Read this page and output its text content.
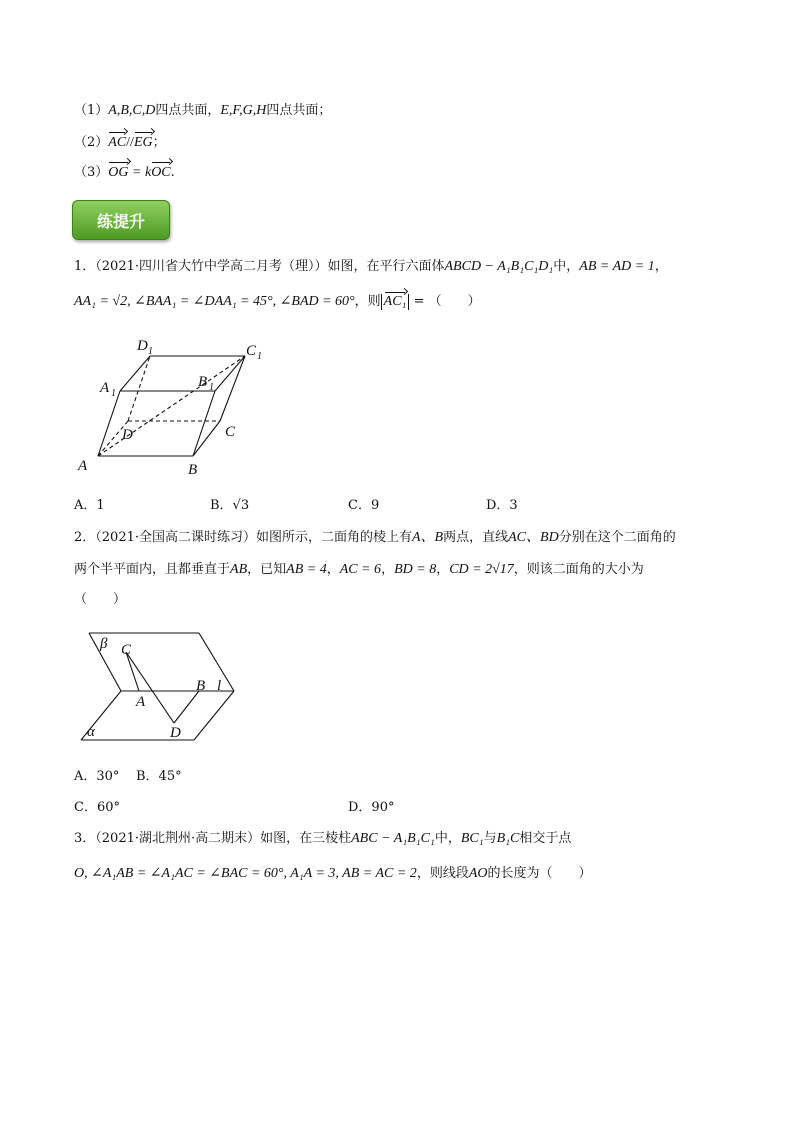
（1）A,B,C,D四点共面，E,F,G,H四点共面；
（2）AC//EG；
（3）OG = kOC.
练提升
1．（2021·四川省大竹中学高二月考（理））如图，在平行六面体ABCD − A₁B₁C₁D₁中，AB = AD = 1，
AA₁ = √2, ∠BAA₁ = ∠DAA₁ = 45°, ∠BAD = 60°，则 AC₁ = （　　）
A	B
C
D
A 1
B 1
C 1
D 1
A．1	B．√3	C．9	D．3
2．（2021·全国高二课时练习）如图所示，二面角的棱上有A、B两点，直线AC、BD分别在这个二面角的
两个半平面内，且都垂直于AB，已知AB = 4，AC = 6，BD = 8，CD = 2√17，则该二面角的大小为
（　　）
β C
A
B l
D
α
A．30° B．45°
C．60°	D．90°
3．（2021·湖北荆州·高二期末）如图，在三棱柱ABC − A₁B₁C₁中，BC₁与B₁C相交于点
O, ∠A₁AB = ∠A₁AC = ∠BAC = 60°, A₁A = 3, AB = AC = 2，则线段AO的长度为（　　）
